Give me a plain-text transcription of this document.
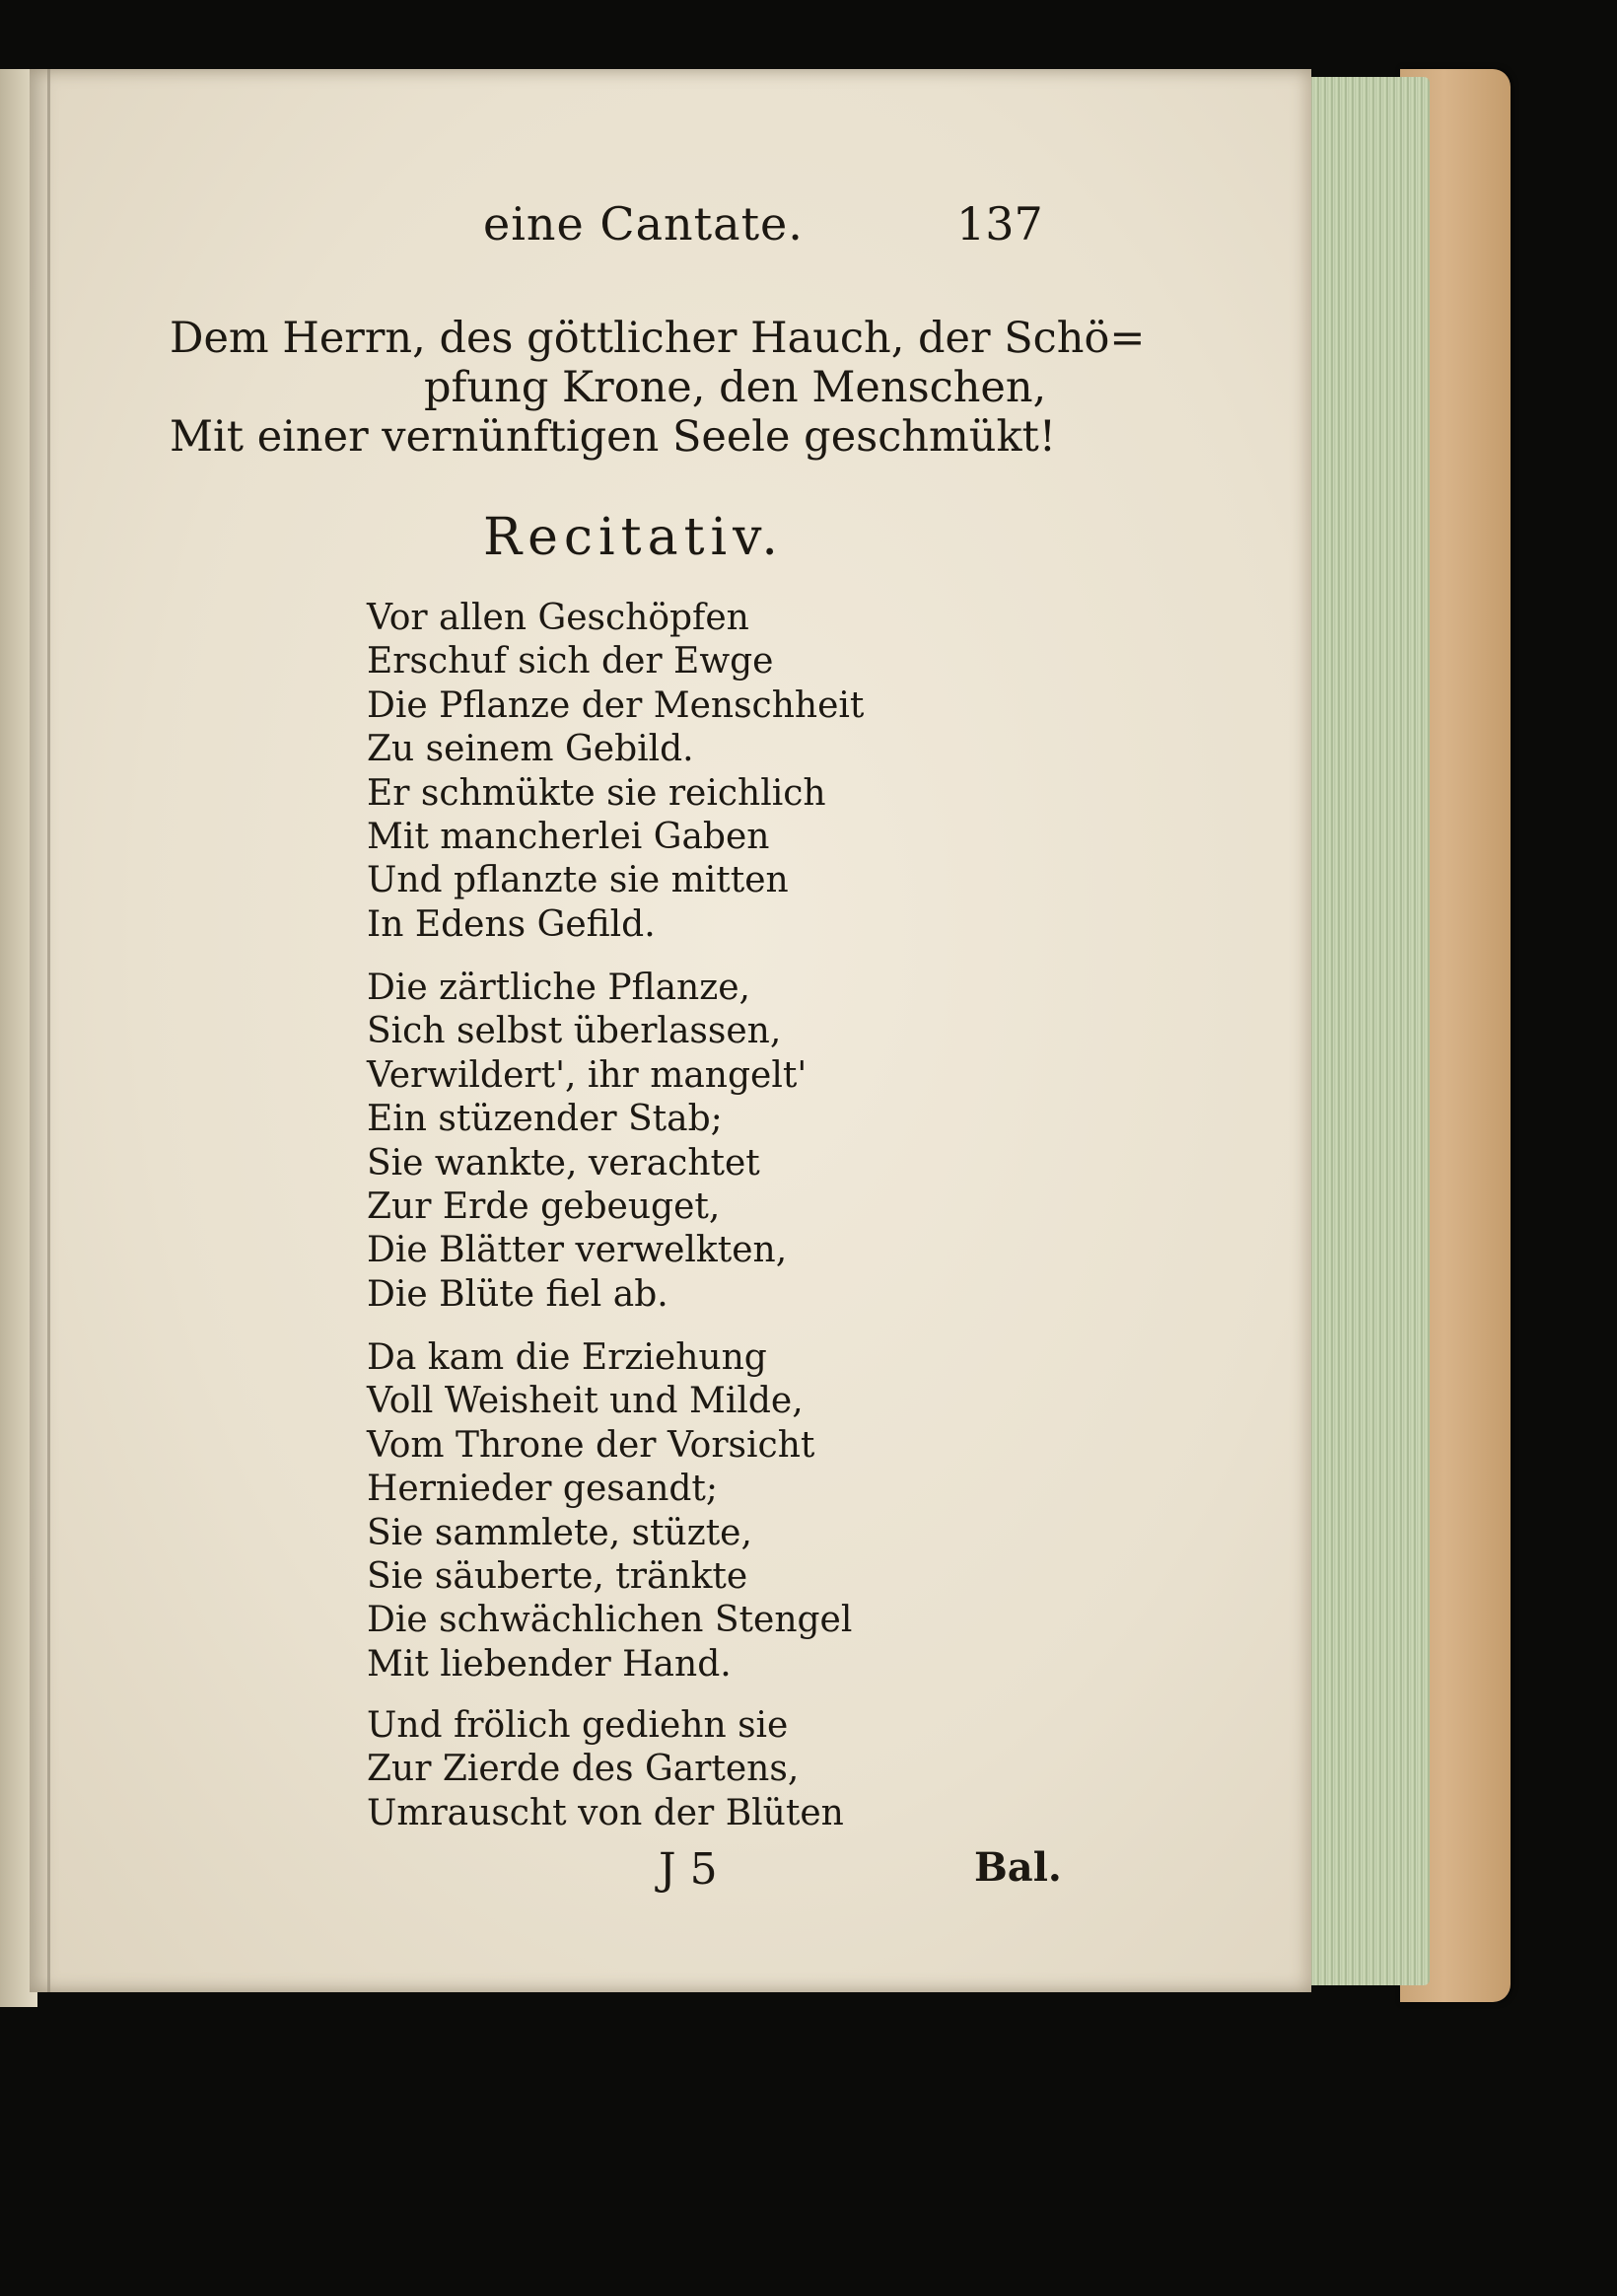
eine Cantate.	137
Dem Herrn, des göttlicher Hauch, der Schö=
pfung Krone, den Menschen,
Mit einer vernünftigen Seele geschmükt!
Recitativ.
Vor allen Geschöpfen
Erschuf sich der Ewge
Die Pflanze der Menschheit
Zu seinem Gebild.
Er schmükte sie reichlich
Mit mancherlei Gaben
Und pflanzte sie mitten
In Edens Gefild.
Die zärtliche Pflanze,
Sich selbst überlassen,
Verwildert', ihr mangelt'
Ein stüzender Stab;
Sie wankte, verachtet
Zur Erde gebeuget,
Die Blätter verwelkten,
Die Blüte fiel ab.
Da kam die Erziehung
Voll Weisheit und Milde,
Vom Throne der Vorsicht
Hernieder gesandt;
Sie sammlete, stüzte,
Sie säuberte, tränkte
Die schwächlichen Stengel
Mit liebender Hand.
Und frölich gediehn sie
Zur Zierde des Gartens,
Umrauscht von der Blüten
J 5	Bal.
